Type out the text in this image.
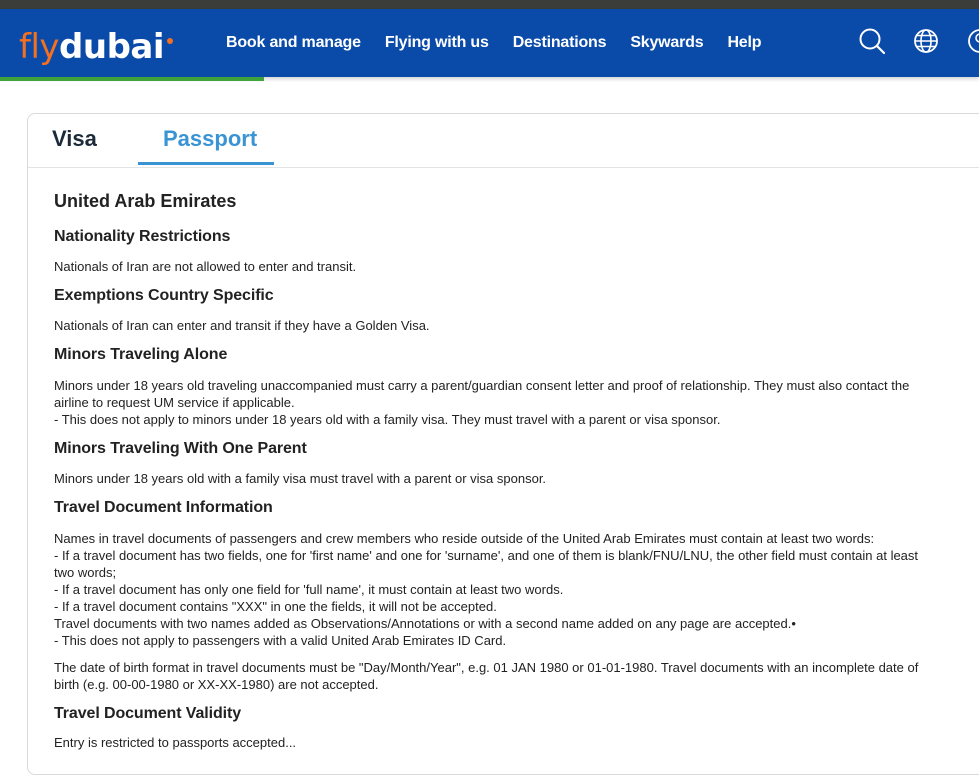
flydubai	Book and manage Flying with us Destinations Skywards Help
Visa	Passport
United Arab Emirates
Nationality Restrictions
Nationals of Iran are not allowed to enter and transit.
Exemptions Country Specific
Nationals of Iran can enter and transit if they have a Golden Visa.
Minors Traveling Alone
Minors under 18 years old traveling unaccompanied must carry a parent/guardian consent letter and proof of relationship. They must also contact the
airline to request UM service if applicable.
- This does not apply to minors under 18 years old with a family visa. They must travel with a parent or visa sponsor.
Minors Traveling With One Parent
Minors under 18 years old with a family visa must travel with a parent or visa sponsor.
Travel Document Information
Names in travel documents of passengers and crew members who reside outside of the United Arab Emirates must contain at least two words:
- If a travel document has two fields, one for 'first name' and one for 'surname', and one of them is blank/FNU/LNU, the other field must contain at least
two words;
- If a travel document has only one field for 'full name', it must contain at least two words.
- If a travel document contains "XXX" in one the fields, it will not be accepted.
Travel documents with two names added as Observations/Annotations or with a second name added on any page are accepted.•
- This does not apply to passengers with a valid United Arab Emirates ID Card.
The date of birth format in travel documents must be "Day/Month/Year", e.g. 01 JAN 1980 or 01-01-1980. Travel documents with an incomplete date of
birth (e.g. 00-00-1980 or XX-XX-1980) are not accepted.
Travel Document Validity
Entry is restricted to passports accepted...
